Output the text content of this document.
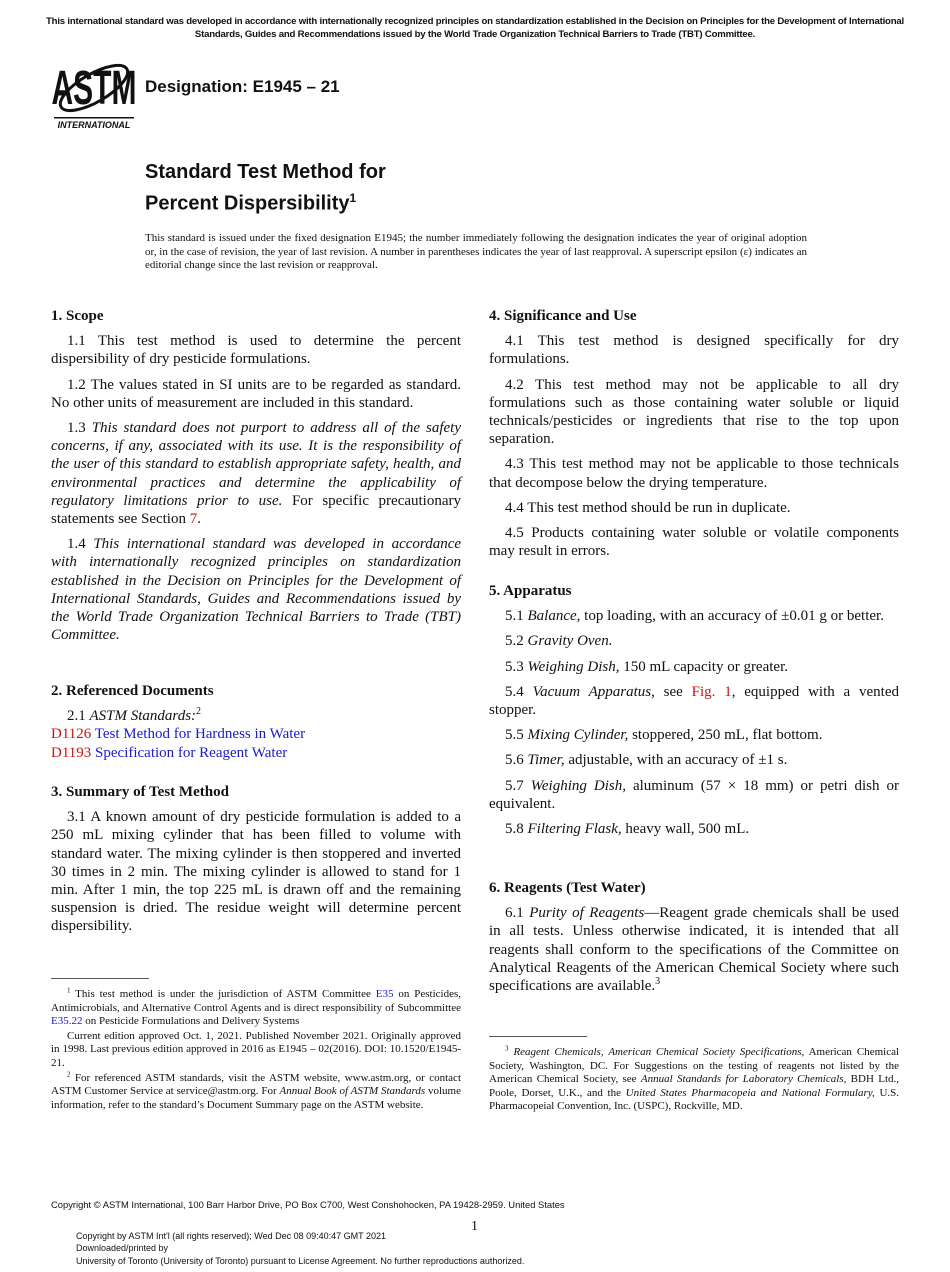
This international standard was developed in accordance with internationally recognized principles on standardization established in the Decision on Principles for the Development of International Standards, Guides and Recommendations issued by the World Trade Organization Technical Barriers to Trade (TBT) Committee.
ASTM
INTERNATIONAL
Designation: E1945 – 21
Standard Test Method for
Percent Dispersibility$^1$
This standard is issued under the fixed designation E1945; the number immediately following the designation indicates the year of original adoption or, in the case of revision, the year of last revision. A number in parentheses indicates the year of last reapproval. A superscript epsilon (ε) indicates an editorial change since the last revision or reapproval.
1. Scope

1.1 This test method is used to determine the percent dispersibility of dry pesticide formulations.

1.2 The values stated in SI units are to be regarded as standard. No other units of measurement are included in this standard.

1.3 This standard does not purport to address all of the safety concerns, if any, associated with its use. It is the responsibility of the user of this standard to establish appropriate safety, health, and environmental practices and determine the applicability of regulatory limitations prior to use. For specific precautionary statements see Section 7.

1.4 This international standard was developed in accordance with internationally recognized principles on standardization established in the Decision on Principles for the Development of International Standards, Guides and Recommendations issued by the World Trade Organization Technical Barriers to Trade (TBT) Committee.

2. Referenced Documents

2.1 ASTM Standards:$^2$

D1126 Test Method for Hardness in Water

D1193 Specification for Reagent Water

3. Summary of Test Method

3.1 A known amount of dry pesticide formulation is added to a 250 mL mixing cylinder that has been filled to volume with standard water. The mixing cylinder is then stoppered and inverted 30 times in 2 min. The mixing cylinder is allowed to stand for 1 min. After 1 min, the top 225 mL is drawn off and the remaining suspension is dried. The residue weight will determine percent dispersibility.

4. Significance and Use

4.1 This test method is designed specifically for dry formulations.

4.2 This test method may not be applicable to all dry formulations such as those containing water soluble or liquid technicals/pesticides or ingredients that rise to the top upon separation.

4.3 This test method may not be applicable to those technicals that decompose below the drying temperature.

4.4 This test method should be run in duplicate.

4.5 Products containing water soluble or volatile components may result in errors.

5. Apparatus

5.1 Balance, top loading, with an accuracy of ±0.01 g or better.

5.2 Gravity Oven.

5.3 Weighing Dish, 150 mL capacity or greater.

5.4 Vacuum Apparatus, see Fig. 1, equipped with a vented stopper.

5.5 Mixing Cylinder, stoppered, 250 mL, flat bottom.

5.6 Timer, adjustable, with an accuracy of ±1 s.

5.7 Weighing Dish, aluminum (57 × 18 mm) or petri dish or equivalent.

5.8 Filtering Flask, heavy wall, 500 mL.

6. Reagents (Test Water)

6.1 Purity of Reagents—Reagent grade chemicals shall be used in all tests. Unless otherwise indicated, it is intended that all reagents shall conform to the specifications of the Committee on Analytical Reagents of the American Chemical Society where such specifications are available.$^3$

$^1$ This test method is under the jurisdiction of ASTM Committee E35 on Pesticides, Antimicrobials, and Alternative Control Agents and is direct responsibility of Subcommittee E35.22 on Pesticide Formulations and Delivery Systems

Current edition approved Oct. 1, 2021. Published November 2021. Originally approved in 1998. Last previous edition approved in 2016 as E1945 – 02(2016). DOI: 10.1520/E1945-21.

$^2$ For referenced ASTM standards, visit the ASTM website, www.astm.org, or contact ASTM Customer Service at service@astm.org. For Annual Book of ASTM Standards volume information, refer to the standard’s Document Summary page on the ASTM website.

$^3$ Reagent Chemicals, American Chemical Society Specifications, American Chemical Society, Washington, DC. For Suggestions on the testing of reagents not listed by the American Chemical Society, see Annual Standards for Laboratory Chemicals, BDH Ltd., Poole, Dorset, U.K., and the United States Pharmacopeia and National Formulary, U.S. Pharmacopeial Convention, Inc. (USPC), Rockville, MD.

Copyright © ASTM International, 100 Barr Harbor Drive, PO Box C700, West Conshohocken, PA 19428-2959. United States
1
Copyright by ASTM Int'l (all rights reserved); Wed Dec 08 09:40:47 GMT 2021
Downloaded/printed by
University of Toronto (University of Toronto) pursuant to License Agreement. No further reproductions authorized.
